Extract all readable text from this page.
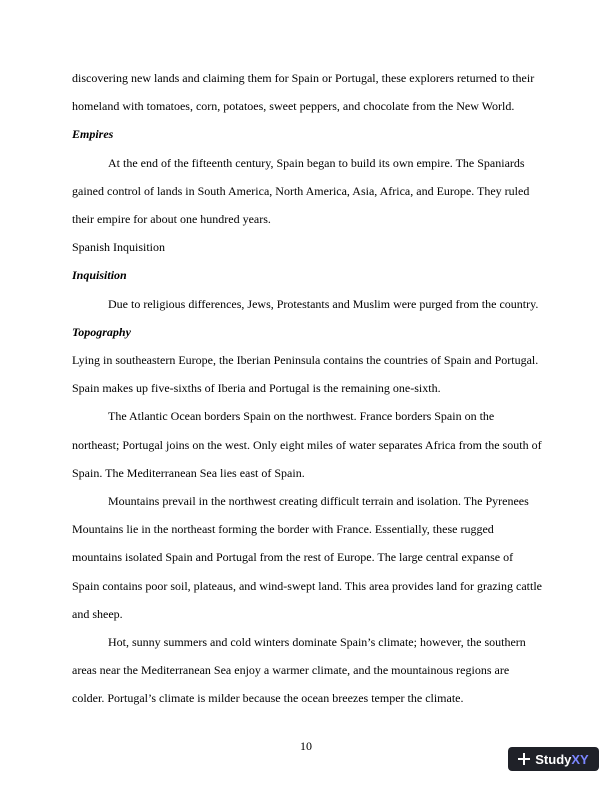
discovering new lands and claiming them for Spain or Portugal, these explorers returned to their homeland with tomatoes, corn, potatoes, sweet peppers, and chocolate from the New World.

Empires

At the end of the fifteenth century, Spain began to build its own empire. The Spaniards gained control of lands in South America, North America, Asia, Africa, and Europe. They ruled their empire for about one hundred years.

Spanish Inquisition

Inquisition

Due to religious differences, Jews, Protestants and Muslim were purged from the country.

Topography

Lying in southeastern Europe, the Iberian Peninsula contains the countries of Spain and Portugal. Spain makes up five-sixths of Iberia and Portugal is the remaining one-sixth.

The Atlantic Ocean borders Spain on the northwest. France borders Spain on the northeast; Portugal joins on the west. Only eight miles of water separates Africa from the south of Spain. The Mediterranean Sea lies east of Spain.

Mountains prevail in the northwest creating difficult terrain and isolation. The Pyrenees Mountains lie in the northeast forming the border with France. Essentially, these rugged mountains isolated Spain and Portugal from the rest of Europe. The large central expanse of Spain contains poor soil, plateaus, and wind-swept land. This area provides land for grazing cattle and sheep.

Hot, sunny summers and cold winters dominate Spain’s climate; however, the southern areas near the Mediterranean Sea enjoy a warmer climate, and the mountainous regions are colder. Portugal’s climate is milder because the ocean breezes temper the climate.

10
Study XY
